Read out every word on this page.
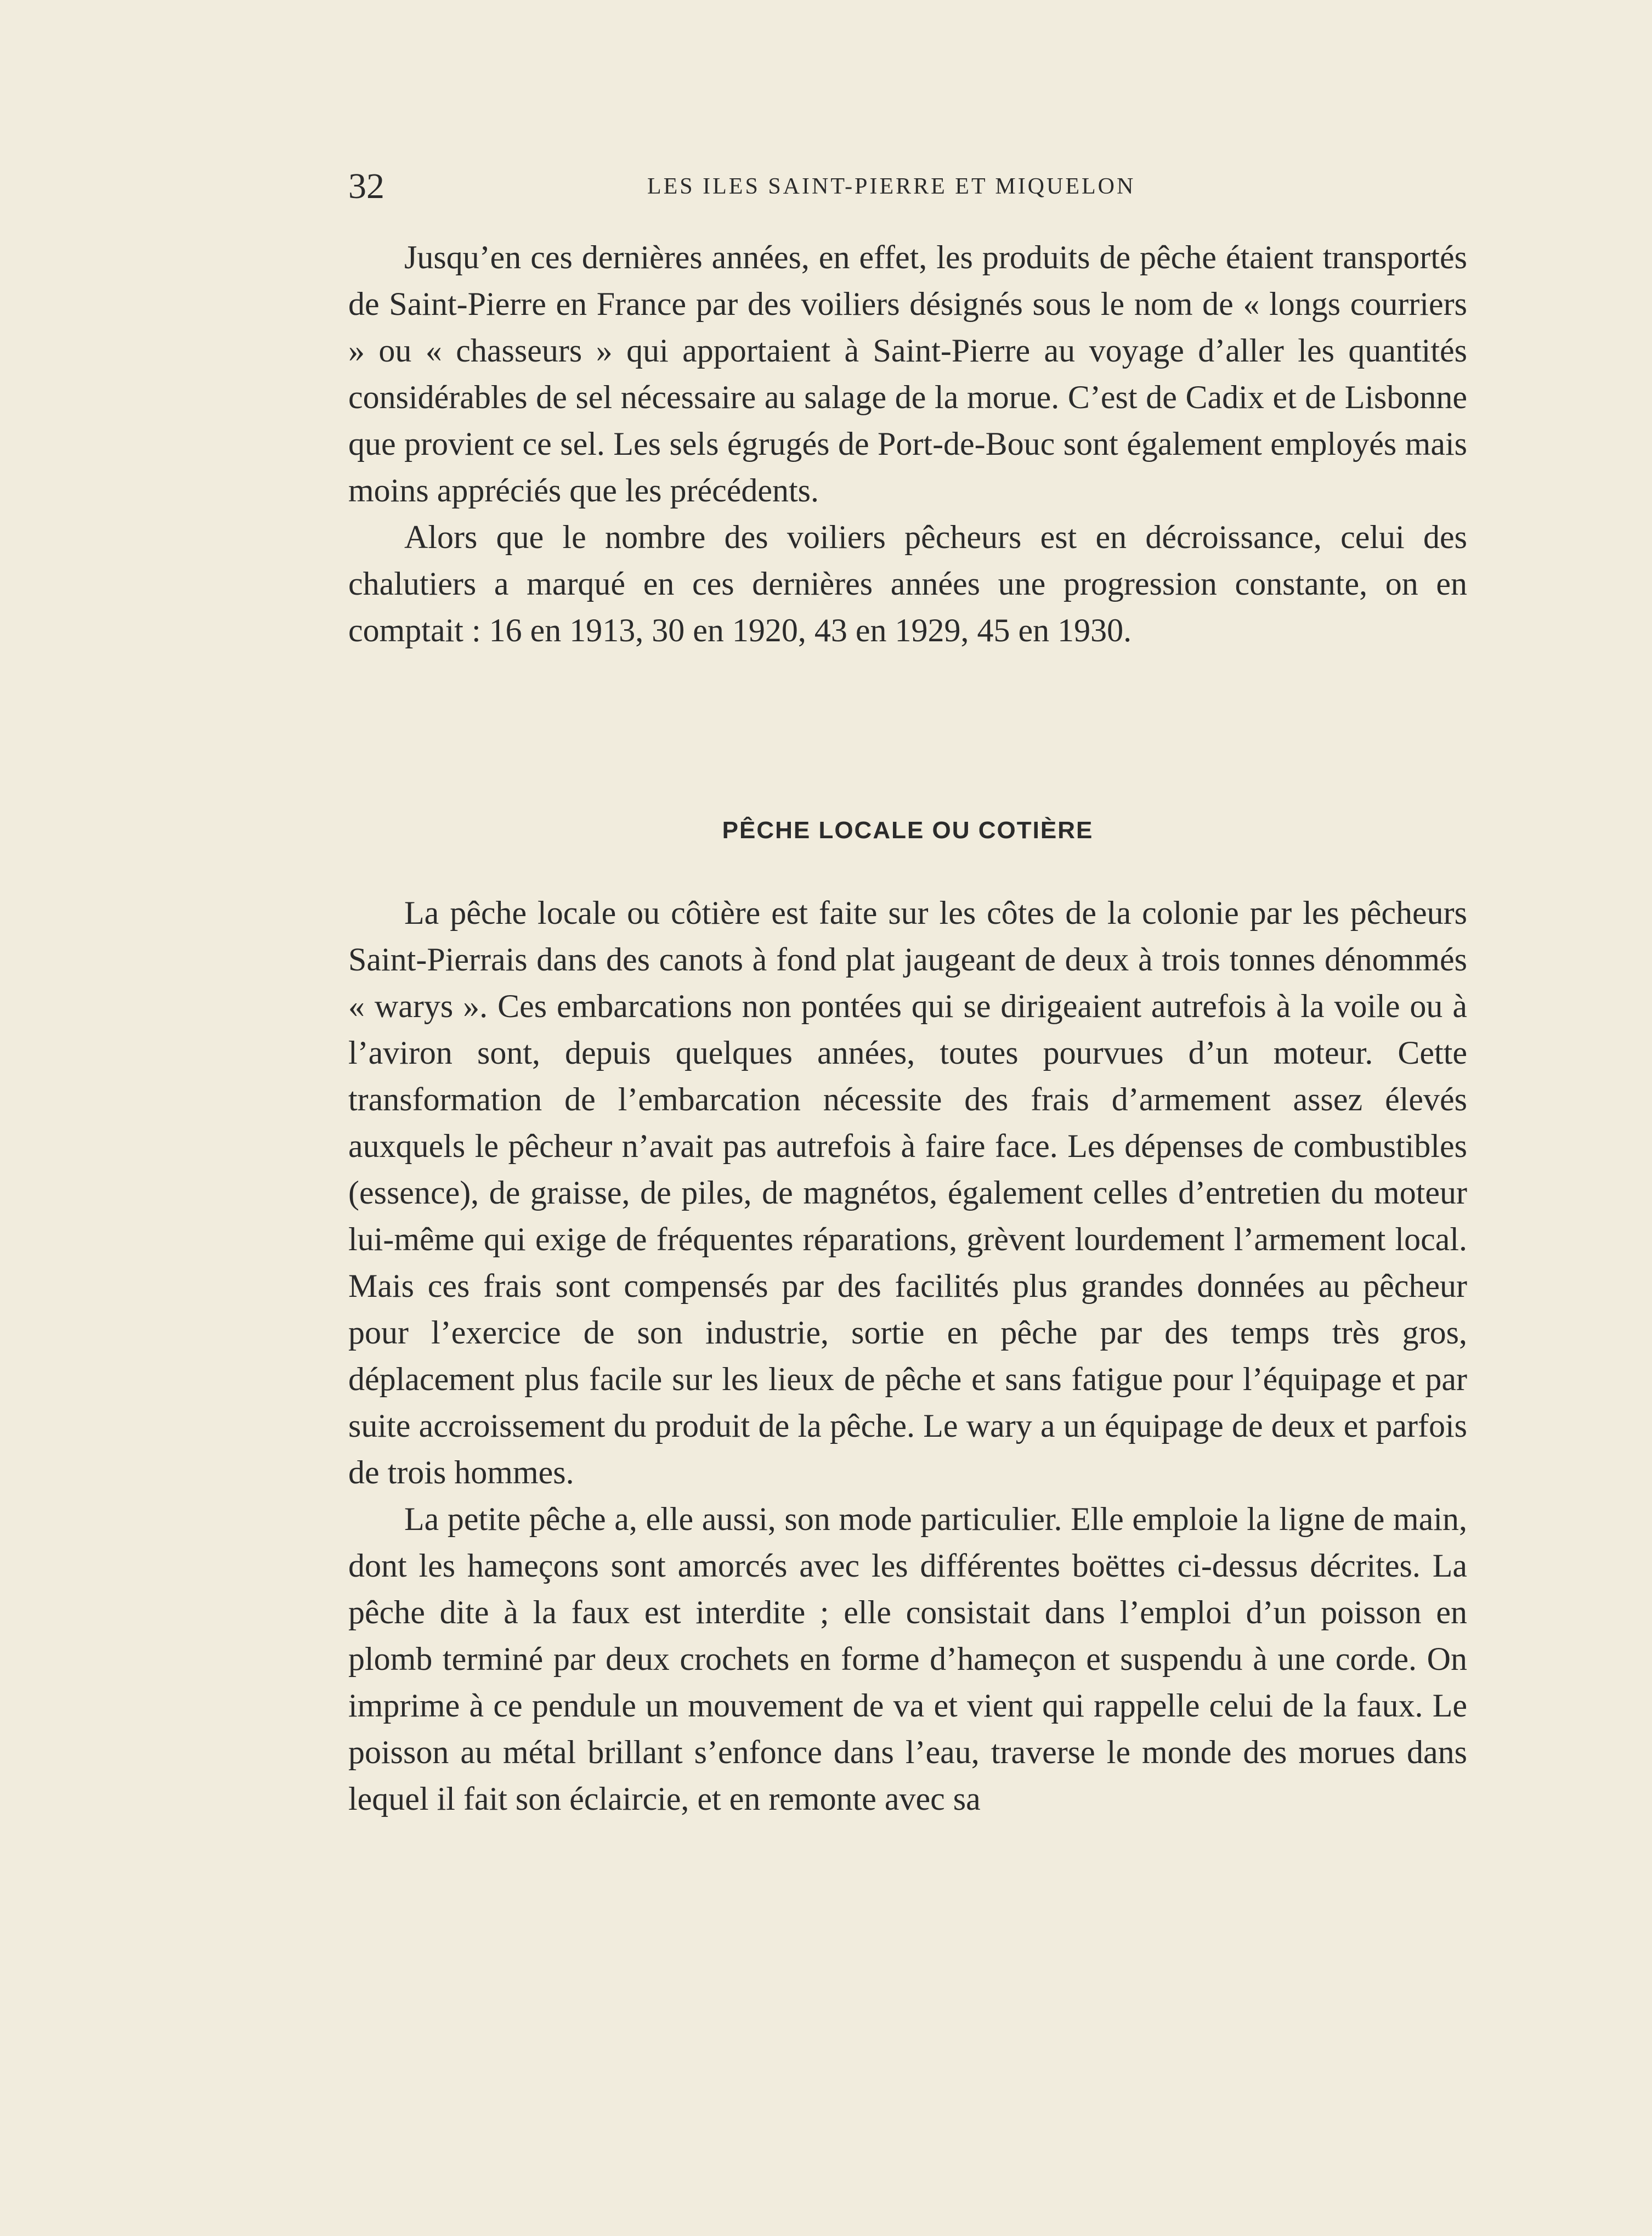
32	LES ILES SAINT-PIERRE ET MIQUELON

Jusqu’en ces dernières années, en effet, les produits de pêche étaient transportés de Saint-Pierre en France par des voiliers désignés sous le nom de « longs courriers » ou « chasseurs » qui apportaient à Saint-Pierre au voyage d’aller les quantités considérables de sel nécessaire au salage de la morue. C’est de Cadix et de Lisbonne que provient ce sel. Les sels égrugés de Port-de-Bouc sont également employés mais moins appréciés que les précédents.

Alors que le nombre des voiliers pêcheurs est en décroissance, celui des chalutiers a marqué en ces dernières années une progression constante, on en comptait : 16 en 1913, 30 en 1920, 43 en 1929, 45 en 1930.

PÊCHE LOCALE OU COTIÈRE

La pêche locale ou côtière est faite sur les côtes de la colonie par les pêcheurs Saint-Pierrais dans des canots à fond plat jaugeant de deux à trois tonnes dénommés « warys ». Ces embarcations non pontées qui se dirigeaient autrefois à la voile ou à l’aviron sont, depuis quelques années, toutes pourvues d’un moteur. Cette transformation de l’embarcation nécessite des frais d’armement assez élevés auxquels le pêcheur n’avait pas autrefois à faire face. Les dépenses de combustibles (essence), de graisse, de piles, de magnétos, également celles d’entretien du moteur lui-même qui exige de fréquentes réparations, grèvent lourdement l’armement local. Mais ces frais sont compensés par des facilités plus grandes données au pêcheur pour l’exercice de son industrie, sortie en pêche par des temps très gros, déplacement plus facile sur les lieux de pêche et sans fatigue pour l’équipage et par suite accroissement du produit de la pêche. Le wary a un équipage de deux et parfois de trois hommes.

La petite pêche a, elle aussi, son mode particulier. Elle emploie la ligne de main, dont les hameçons sont amorcés avec les différentes boëttes ci-dessus décrites. La pêche dite à la faux est interdite ; elle consistait dans l’emploi d’un poisson en plomb terminé par deux crochets en forme d’hameçon et suspendu à une corde. On imprime à ce pendule un mouvement de va et vient qui rappelle celui de la faux. Le poisson au métal brillant s’enfonce dans l’eau, traverse le monde des morues dans lequel il fait son éclaircie, et en remonte avec sa
